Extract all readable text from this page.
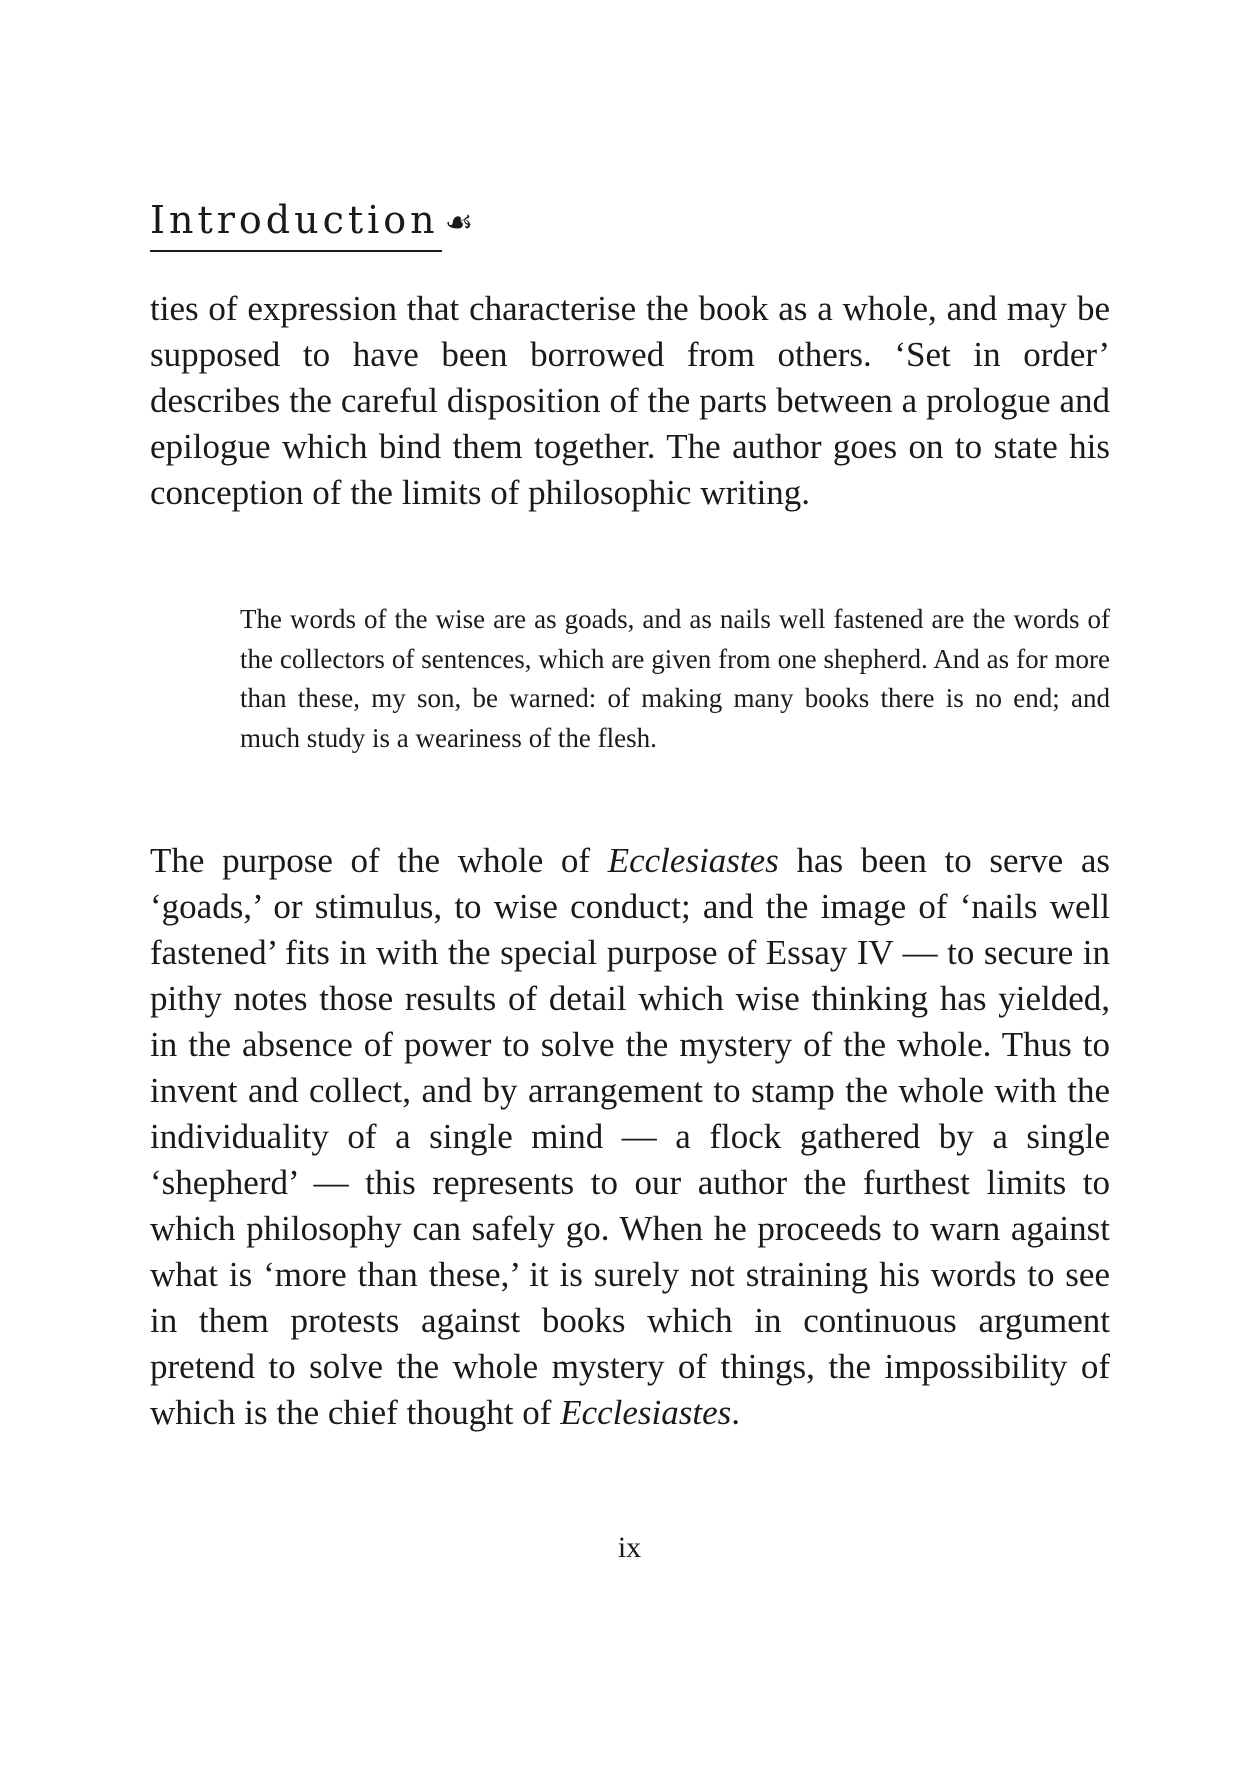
Introduction ☙

ties of expression that characterise the book as a whole, and may be supposed to have been borrowed from others. ‘Set in order’ describes the careful disposition of the parts between a prologue and epilogue which bind them together. The author goes on to state his conception of the limits of philosophic writing.

The words of the wise are as goads, and as nails well fastened are the words of the collectors of sentences, which are given from one shepherd. And as for more than these, my son, be warned: of making many books there is no end; and much study is a weariness of the flesh.

The purpose of the whole of Ecclesiastes has been to serve as ‘goads,’ or stimulus, to wise conduct; and the image of ‘nails well fastened’ fits in with the special purpose of Essay IV — to secure in pithy notes those results of detail which wise thinking has yielded, in the absence of power to solve the mystery of the whole. Thus to invent and collect, and by arrangement to stamp the whole with the individuality of a single mind — a flock gathered by a single ‘shepherd’ — this represents to our author the furthest limits to which philosophy can safely go. When he proceeds to warn against what is ‘more than these,’ it is surely not straining his words to see in them protests against books which in continuous argument pretend to solve the whole mystery of things, the impossibility of which is the chief thought of Ecclesiastes.

ix
